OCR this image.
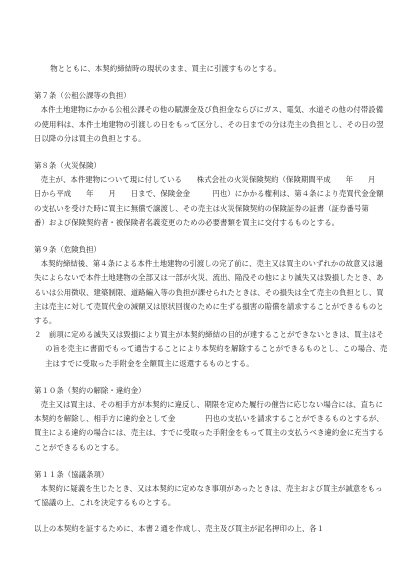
物とともに、本契約締結時の現状のまま、買主に引渡すものとする。

第７条（公租公課等の負担）

本件土地建物にかかる公租公課その他の賦課金及び負担金ならびにガス、電気、水道その他の付帯設備の使用料は、本件土地建物の引渡しの日をもって区分し、その日までの分は売主の負担とし、その日の翌日以降の分は買主の負担とする。

第８条（火災保険）

売主が、本件建物について現に付している　　株式会社の火災保険契約（保険期間平成　　年　　月　　日から平成　　年　　月　　日まで、保険金金　　　円也）にかかる権利は、第４条により売買代金金額の支払いを受けた時に買主に無償で譲渡し、その売主は火災保険契約の保険証券の証書（証券番号第　　番）および保険契約者・被保険者名義変更のための必要書類を買主に交付するものとする。

第９条（危険負担）

本契約締結後、第４条による本件土地建物の引渡しの完了前に、売主又は買主のいずれかの故意又は過失によらないで本件土地建物の全部又は一部が火災、流出、陥没その他により滅失又は毀損したとき、あるいは公用徴収、建築制限、道路編入等の負担が課せられたときは、その損失は全て売主の負担とし、買主は売主に対して売買代金の減額又は原状回復のために生ずる損害の賠償を請求することができるものとする。

２　前項に定める滅失又は毀損により買主が本契約締結の目的が達することができないときは、買主はその旨を売主に書面でもって通告することにより本契約を解除することができるものとし、この場合、売主はすでに受取った手附金を全額買主に返還するものとする。

第１０条（契約の解除・違約金）

売主又は買主は、その相手方が本契約に違反し、期限を定めた履行の催告に応じない場合には、直ちに本契約を解除し、相手方に違約金として金　　　　円也の支払いを請求することができるものとするが、買主による違約の場合には、売主は、すでに受取った手附金をもって買主の支払うべき違約金に充当することができるものとする。

第１１条（協議条項）

本契約に疑義を生じたとき、又は本契約に定めなき事項があったときは、売主および買主が誠意をもって協議の上、これを決定するものとする。

以上の本契約を証するために、本書２通を作成し、売主及び買主が記名押印の上、各１
